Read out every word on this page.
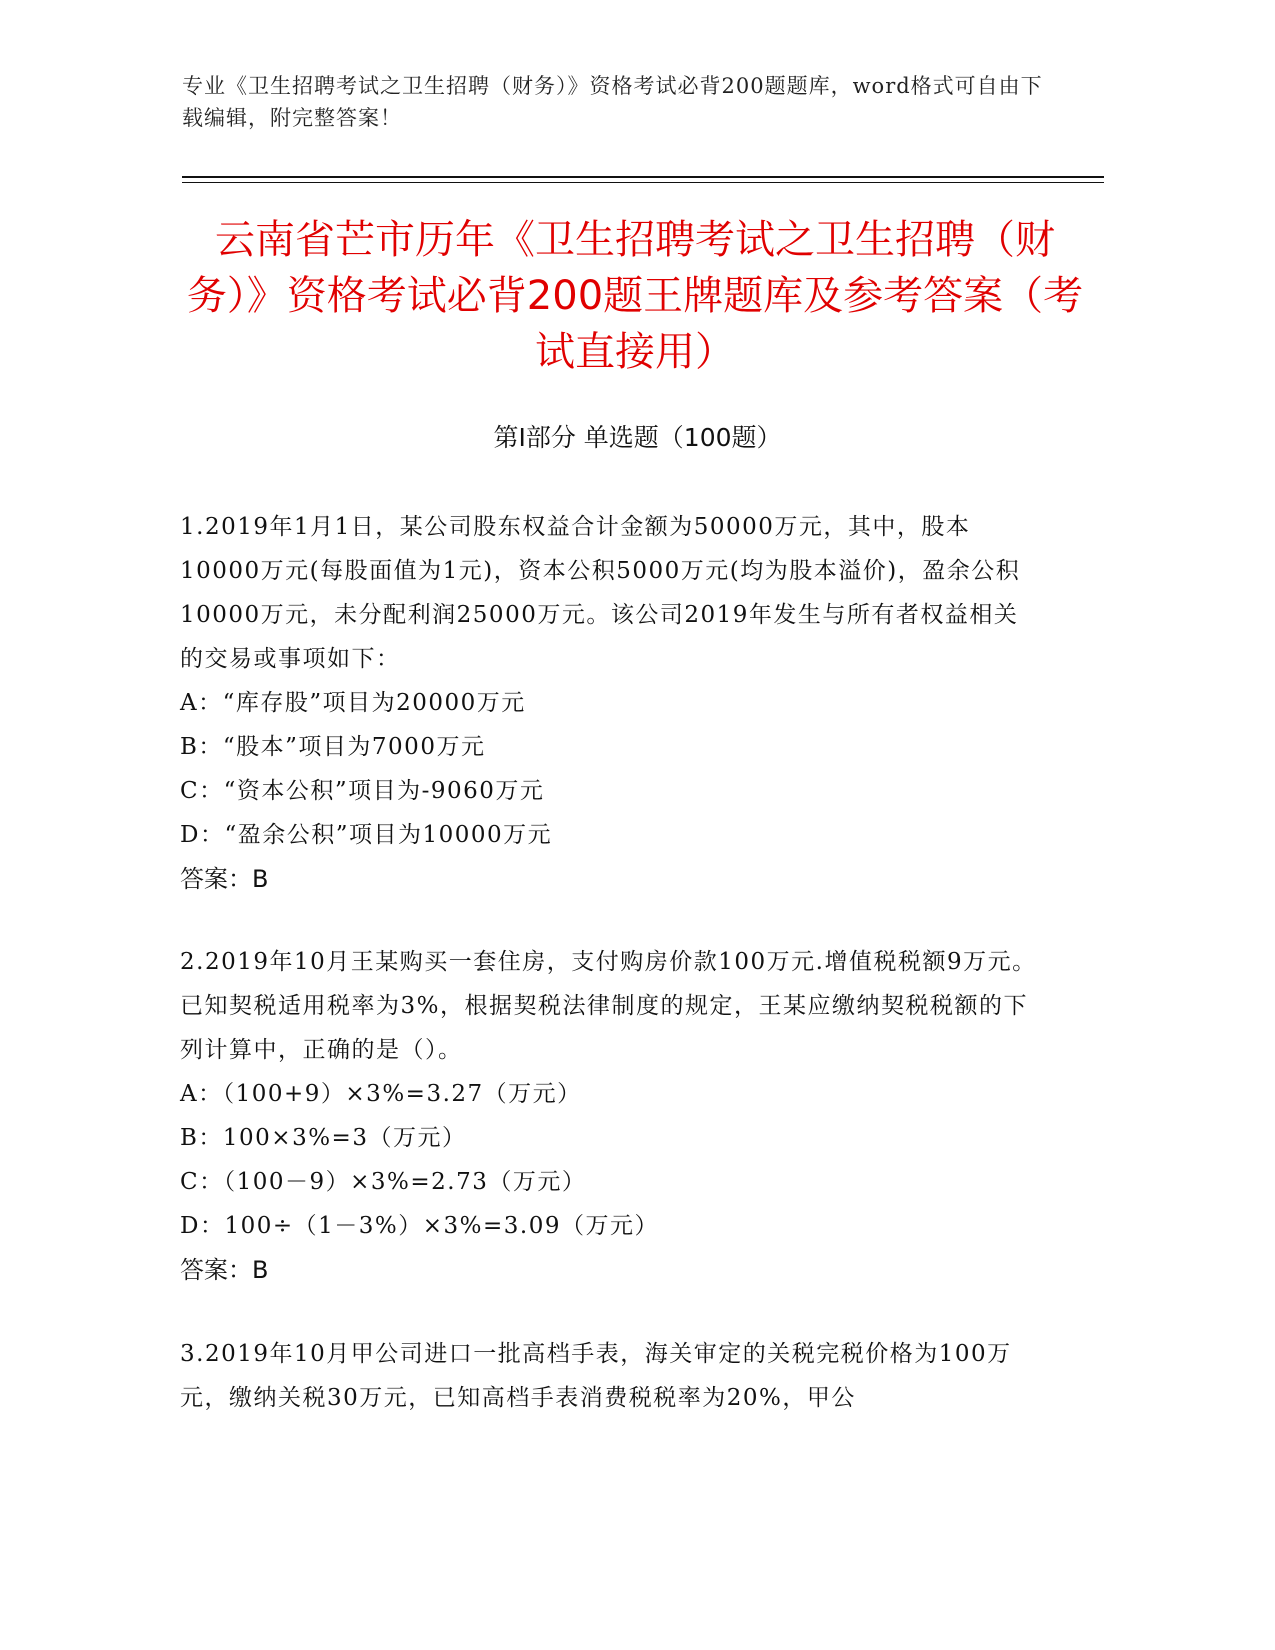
专业《卫生招聘考试之卫生招聘（财务）》资格考试必背200题题库，word格式可自由下载编辑，附完整答案！
云南省芒市历年《卫生招聘考试之卫生招聘（财务）》资格考试必背200题王牌题库及参考答案（考试直接用）
第Ⅰ部分 单选题（100题）

1.2019年1月1日，某公司股东权益合计金额为50000万元，其中，股本10000万元(每股面值为1元)，资本公积5000万元(均为股本溢价)，盈余公积10000万元，未分配利润25000万元。该公司2019年发生与所有者权益相关的交易或事项如下：

A：“库存股”项目为20000万元

B：“股本”项目为7000万元

C：“资本公积”项目为-9060万元

D：“盈余公积”项目为10000万元

答案：B

2.2019年10月王某购买一套住房，支付购房价款100万元.增值税税额9万元。已知契税适用税率为3%，根据契税法律制度的规定，王某应缴纳契税税额的下列计算中，正确的是（）。

A：（100+9）×3%=3.27（万元）

B：100×3%=3（万元）

C：（100－9）×3%=2.73（万元）

D：100÷（1－3%）×3%=3.09（万元）

答案：B

3.2019年10月甲公司进口一批高档手表，海关审定的关税完税价格为100万元，缴纳关税30万元，已知高档手表消费税税率为20%，甲公
